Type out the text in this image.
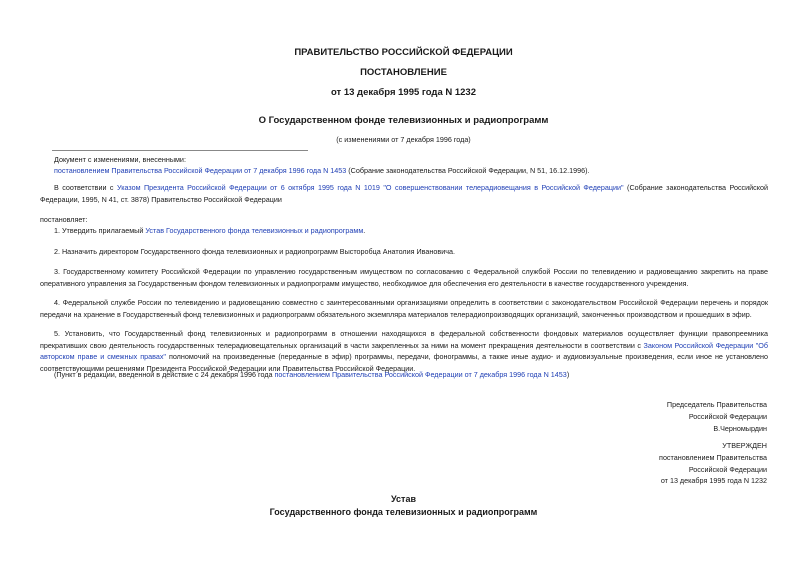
ПРАВИТЕЛЬСТВО РОССИЙСКОЙ ФЕДЕРАЦИИ
ПОСТАНОВЛЕНИЕ
от 13 декабря 1995 года N 1232
О Государственном фонде телевизионных и радиопрограмм
(с изменениями от 7 декабря 1996 года)
Документ с изменениями, внесенными:
постановлением Правительства Российской Федерации от 7 декабря 1996 года N 1453 (Собрание законодательства Российской Федерации, N 51, 16.12.1996).
В соответствии с Указом Президента Российской Федерации от 6 октября 1995 года N 1019 "О совершенствовании телерадиовещания в Российской Федерации" (Собрание законодательства Российской Федерации, 1995, N 41, ст. 3878) Правительство Российской Федерации
постановляет:
1. Утвердить прилагаемый Устав Государственного фонда телевизионных и радиопрограмм.
2. Назначить директором Государственного фонда телевизионных и радиопрограмм Высторобца Анатолия Ивановича.
3. Государственному комитету Российской Федерации по управлению государственным имуществом по согласованию с Федеральной службой России по телевидению и радиовещанию закрепить на праве оперативного управления за Государственным фондом телевизионных и радиопрограмм имущество, необходимое для обеспечения его деятельности в качестве государственного учреждения.
4. Федеральной службе России по телевидению и радиовещанию совместно с заинтересованными организациями определить в соответствии с законодательством Российской Федерации перечень и порядок передачи на хранение в Государственный фонд телевизионных и радиопрограмм обязательного экземпляра материалов телерадиопроизводящих организаций, законченных производством и прошедших в эфир.
5. Установить, что Государственный фонд телевизионных и радиопрограмм в отношении находящихся в федеральной собственности фондовых материалов осуществляет функции правопреемника прекративших свою деятельность государственных телерадиовещательных организаций в части закрепленных за ними на момент прекращения деятельности в соответствии с Законом Российской Федерации "Об авторском праве и смежных правах" полномочий на произведенные (переданные в эфир) программы, передачи, фонограммы, а также иные аудио- и аудиовизуальные произведения, если иное не установлено соответствующими решениями Президента Российской Федерации или Правительства Российской Федерации.
(Пункт в редакции, введенной в действие с 24 декабря 1996 года постановлением Правительства Российской Федерации от 7 декабря 1996 года N 1453)
Председатель Правительства
Российской Федерации
В.Черномырдин
УТВЕРЖДЕН
постановлением Правительства
Российской Федерации
от 13 декабря 1995 года N 1232
Устав
Государственного фонда телевизионных и радиопрограмм
